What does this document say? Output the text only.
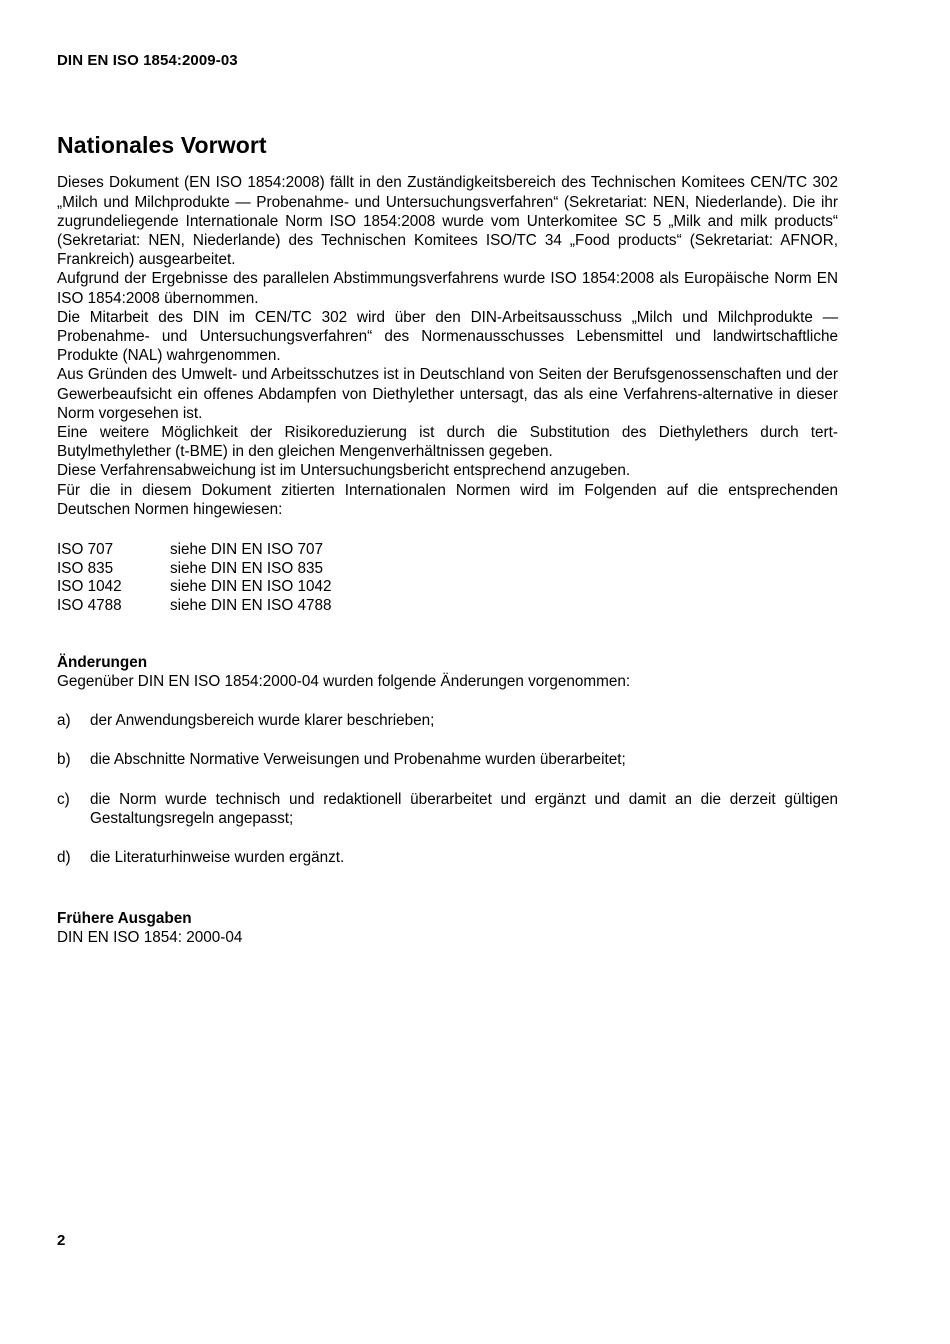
DIN EN ISO 1854:2009-03
Nationales Vorwort

Dieses Dokument (EN ISO 1854:2008) fällt in den Zuständigkeitsbereich des Technischen Komitees CEN/TC 302 „Milch und Milchprodukte — Probenahme- und Untersuchungsverfahren“ (Sekretariat: NEN, Niederlande). Die ihr zugrundeliegende Internationale Norm ISO 1854:2008 wurde vom Unterkomitee SC 5 „Milk and milk products“ (Sekretariat: NEN, Niederlande) des Technischen Komitees ISO/TC 34 „Food products“ (Sekretariat: AFNOR, Frankreich) ausgearbeitet.

Aufgrund der Ergebnisse des parallelen Abstimmungsverfahrens wurde ISO 1854:2008 als Europäische Norm EN ISO 1854:2008 übernommen.

Die Mitarbeit des DIN im CEN/TC 302 wird über den DIN-Arbeitsausschuss „Milch und Milchprodukte — Probenahme- und Untersuchungsverfahren“ des Normenausschusses Lebensmittel und landwirtschaftliche Produkte (NAL) wahrgenommen.

Aus Gründen des Umwelt- und Arbeitsschutzes ist in Deutschland von Seiten der Berufsgenossenschaften und der Gewerbeaufsicht ein offenes Abdampfen von Diethylether untersagt, das als eine Verfahrens-alternative in dieser Norm vorgesehen ist.

Eine weitere Möglichkeit der Risikoreduzierung ist durch die Substitution des Diethylethers durch tert-Butylmethylether (t-BME) in den gleichen Mengenverhältnissen gegeben.

Diese Verfahrensabweichung ist im Untersuchungsbericht entsprechend anzugeben.

Für die in diesem Dokument zitierten Internationalen Normen wird im Folgenden auf die entsprechenden Deutschen Normen hingewiesen:

ISO 707	siehe DIN EN ISO 707
ISO 835	siehe DIN EN ISO 835
ISO 1042	siehe DIN EN ISO 1042
ISO 4788	siehe DIN EN ISO 4788
Änderungen

Gegenüber DIN EN ISO 1854:2000-04 wurden folgende Änderungen vorgenommen:

a) der Anwendungsbereich wurde klarer beschrieben;
b) die Abschnitte Normative Verweisungen und Probenahme wurden überarbeitet;
c) die Norm wurde technisch und redaktionell überarbeitet und ergänzt und damit an die derzeit gültigen Gestaltungsregeln angepasst;
d) die Literaturhinweise wurden ergänzt.
Frühere Ausgaben

DIN EN ISO 1854: 2000-04

2
